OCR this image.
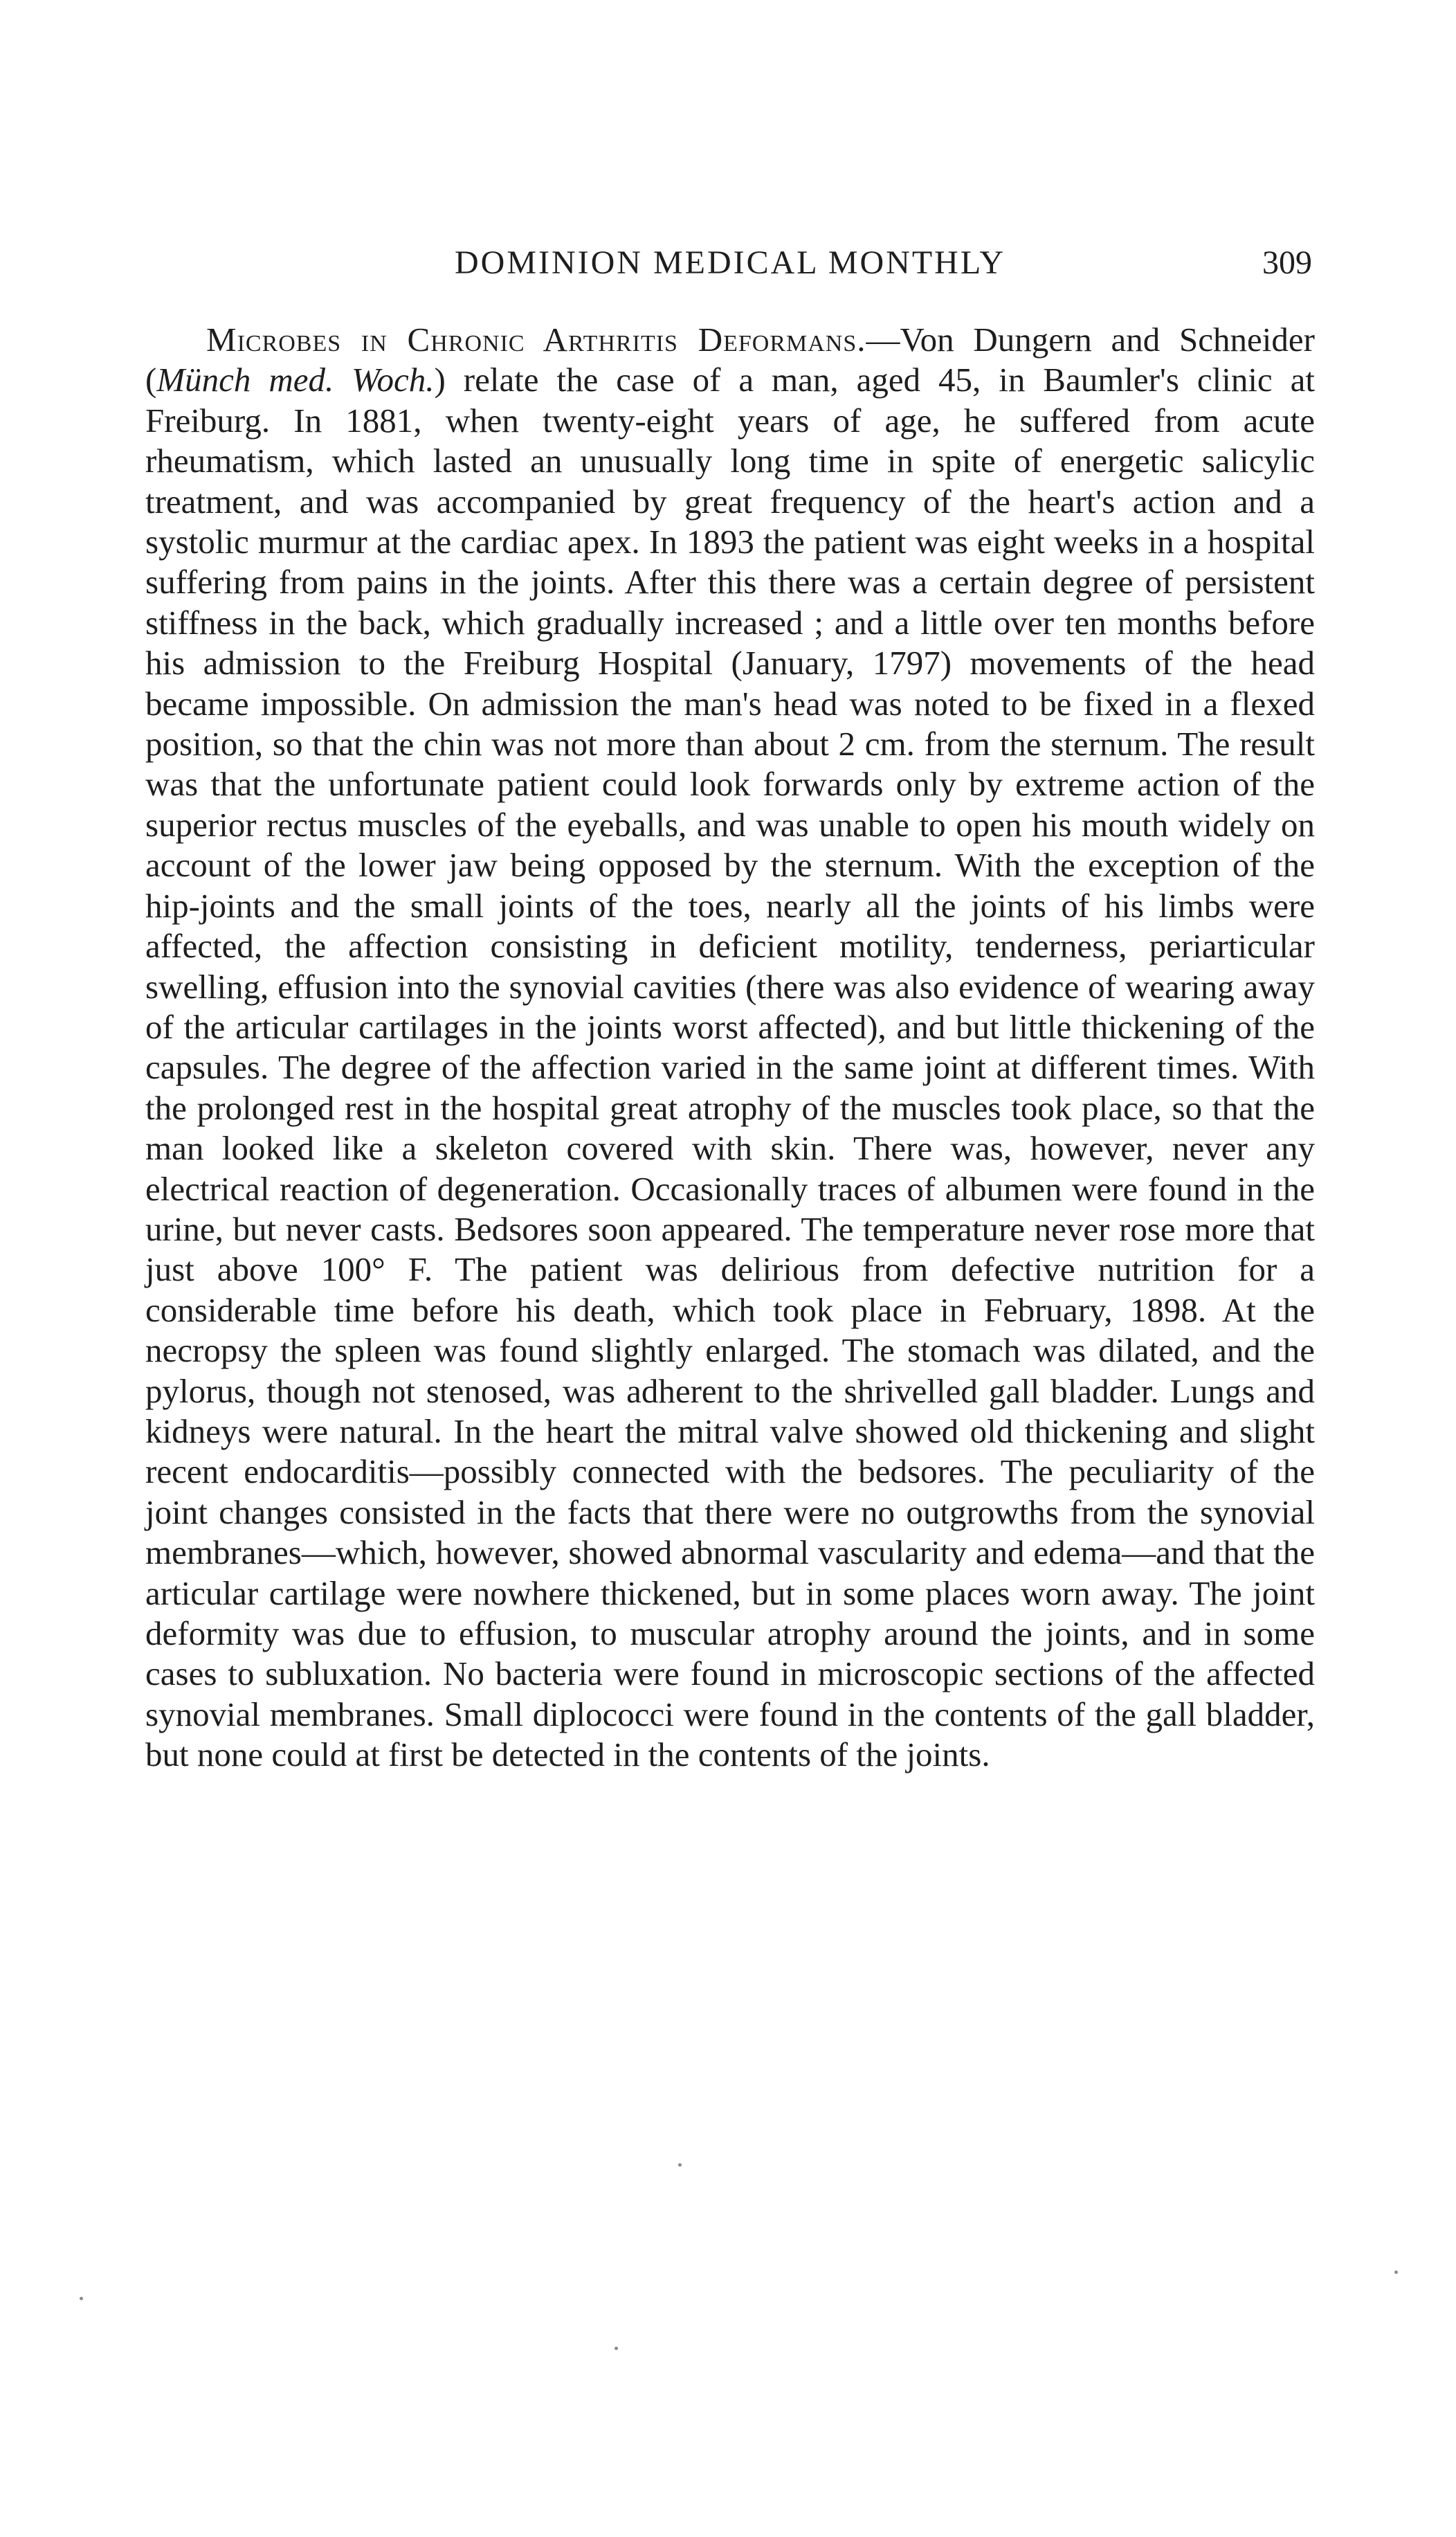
DOMINION MEDICAL MONTHLY	309

Microbes in Chronic Arthritis Deformans.—Von Dungern and Schneider (Münch med. Woch.) relate the case of a man, aged 45, in Baumler's clinic at Freiburg. In 1881, when twenty-eight years of age, he suffered from acute rheumatism, which lasted an unusually long time in spite of energetic salicylic treatment, and was accompanied by great frequency of the heart's action and a systolic murmur at the cardiac apex. In 1893 the patient was eight weeks in a hospital suffering from pains in the joints. After this there was a certain degree of persistent stiffness in the back, which gradually increased ; and a little over ten months before his admission to the Freiburg Hospital (January, 1797) movements of the head became impossible. On admission the man's head was noted to be fixed in a flexed position, so that the chin was not more than about 2 cm. from the sternum. The result was that the unfortunate patient could look forwards only by extreme action of the superior rectus muscles of the eyeballs, and was unable to open his mouth widely on account of the lower jaw being opposed by the sternum. With the exception of the hip-joints and the small joints of the toes, nearly all the joints of his limbs were affected, the affection consisting in deficient motility, tenderness, periarticular swelling, effusion into the synovial cavities (there was also evidence of wearing away of the articular cartilages in the joints worst affected), and but little thickening of the capsules. The degree of the affection varied in the same joint at different times. With the prolonged rest in the hospital great atrophy of the muscles took place, so that the man looked like a skeleton covered with skin. There was, however, never any electrical reaction of degeneration. Occasionally traces of albumen were found in the urine, but never casts. Bedsores soon appeared. The temperature never rose more that just above 100° F. The patient was delirious from defective nutrition for a considerable time before his death, which took place in February, 1898. At the necropsy the spleen was found slightly enlarged. The stomach was dilated, and the pylorus, though not stenosed, was adherent to the shrivelled gall bladder. Lungs and kidneys were natural. In the heart the mitral valve showed old thickening and slight recent endocarditis—possibly connected with the bedsores. The peculiarity of the joint changes consisted in the facts that there were no outgrowths from the synovial membranes—which, however, showed abnormal vascularity and edema—and that the articular cartilage were nowhere thickened, but in some places worn away. The joint deformity was due to effusion, to muscular atrophy around the joints, and in some cases to subluxation. No bacteria were found in microscopic sections of the affected synovial membranes. Small diplococci were found in the contents of the gall bladder, but none could at first be detected in the contents of the joints.
